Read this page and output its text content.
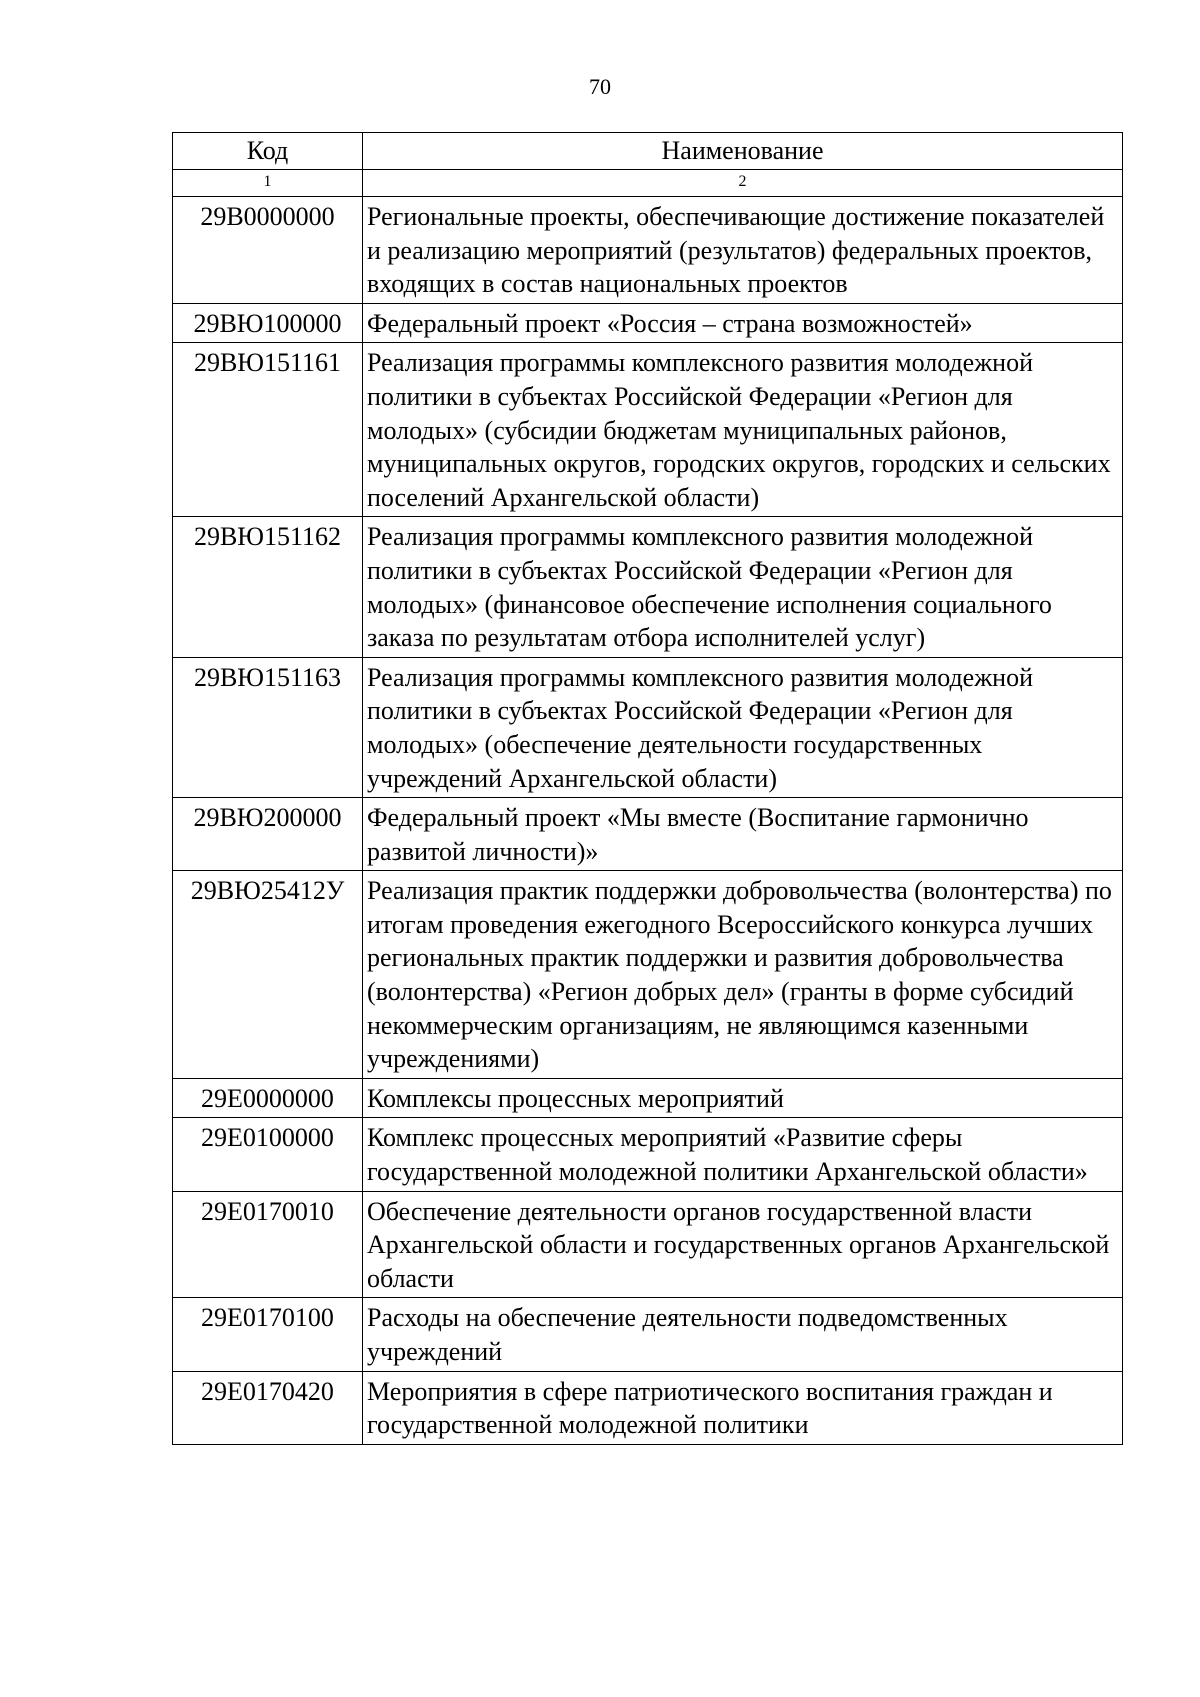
70
Код	Наименование
1	2
29В0000000	Региональные проекты, обеспечивающие достижение показателей и реализацию мероприятий (результатов) федеральных проектов, входящих в состав национальных проектов
29ВЮ100000	Федеральный проект «Россия – страна возможностей»
29ВЮ151161	Реализация программы комплексного развития молодежной политики в субъектах Российской Федерации «Регион для молодых» (субсидии бюджетам муниципальных районов, муниципальных округов, городских округов, городских и сельских поселений Архангельской области)
29ВЮ151162	Реализация программы комплексного развития молодежной политики в субъектах Российской Федерации «Регион для молодых» (финансовое обеспечение исполнения социального заказа по результатам отбора исполнителей услуг)
29ВЮ151163	Реализация программы комплексного развития молодежной политики в субъектах Российской Федерации «Регион для молодых» (обеспечение деятельности государственных учреждений Архангельской области)
29ВЮ200000	Федеральный проект «Мы вместе (Воспитание гармонично развитой личности)»
29ВЮ25412У	Реализация практик поддержки добровольчества (волонтерства) по итогам проведения ежегодного Всероссийского конкурса лучших региональных практик поддержки и развития добровольчества (волонтерства) «Регион добрых дел» (гранты в форме субсидий некоммерческим организациям, не являющимся казенными учреждениями)
29Е0000000	Комплексы процессных мероприятий
29Е0100000	Комплекс процессных мероприятий «Развитие сферы государственной молодежной политики Архангельской области»
29Е0170010	Обеспечение деятельности органов государственной власти Архангельской области и государственных органов Архангельской области
29Е0170100	Расходы на обеспечение деятельности подведомственных учреждений
29Е0170420	Мероприятия в сфере патриотического воспитания граждан и государственной молодежной политики
